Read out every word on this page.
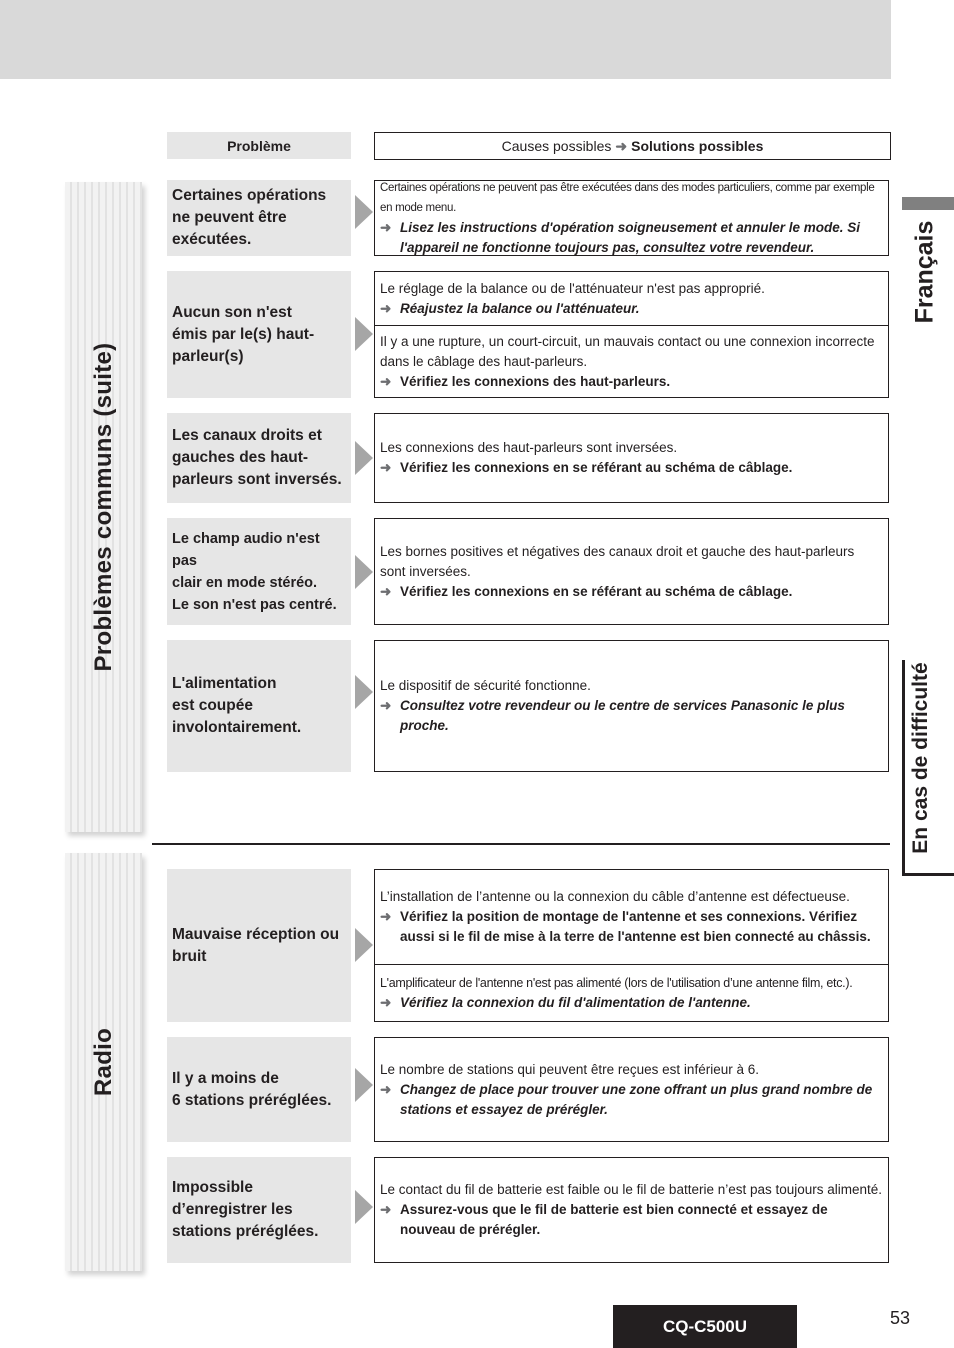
Problème	Causes possibles ➜ Solutions possibles
Problèmes communs (suite)
Radio
Français
En cas de difficulté
Certaines opérations
ne peuvent être
exécutées.
Certaines opérations ne peuvent pas être exécutées dans des modes particuliers, comme par exemple en mode menu.
➜ Lisez les instructions d'opération soigneusement et annuler le mode. Si l'appareil ne fonctionne toujours pas, consultez votre revendeur.
Aucun son n'est
émis par le(s) haut-
parleur(s)
Le réglage de la balance ou de l'atténuateur n'est pas approprié.
➜ Réajustez la balance ou l'atténuateur.
Il y a une rupture, un court-circuit, un mauvais contact ou une connexion incorrecte dans le câblage des haut-parleurs.
➜ Vérifiez les connexions des haut-parleurs.
Les canaux droits et
gauches des haut-
parleurs sont inversés.
Les connexions des haut-parleurs sont inversées.
➜ Vérifiez les connexions en se référant au schéma de câblage.
Le champ audio n'est pas
clair en mode stéréo.
Le son n'est pas centré.
Les bornes positives et négatives des canaux droit et gauche des haut-parleurs sont inversées.
➜ Vérifiez les connexions en se référant au schéma de câblage.
L'alimentation
est coupée
involontairement.
Le dispositif de sécurité fonctionne.
➜ Consultez votre revendeur ou le centre de services Panasonic le plus proche.
Mauvaise réception ou
bruit
L’installation de l’antenne ou la connexion du câble d’antenne est défectueuse.
➜ Vérifiez la position de montage de l'antenne et ses connexions. Vérifiez aussi si le fil de mise à la terre de l'antenne est bien connecté au châssis.
L'amplificateur de l'antenne n'est pas alimenté (lors de l'utilisation d’une antenne film, etc.).
➜ Vérifiez la connexion du fil d'alimentation de l'antenne.
Il y a moins de
6 stations préréglées.
Le nombre de stations qui peuvent être reçues est inférieur à 6.
➜ Changez de place pour trouver une zone offrant un plus grand nombre de stations et essayez de prérégler.
Impossible
d’enregistrer les
stations préréglées.
Le contact du fil de batterie est faible ou le fil de batterie n’est pas toujours alimenté.
➜ Assurez-vous que le fil de batterie est bien connecté et essayez de nouveau de prérégler.
CQ-C500U	53
